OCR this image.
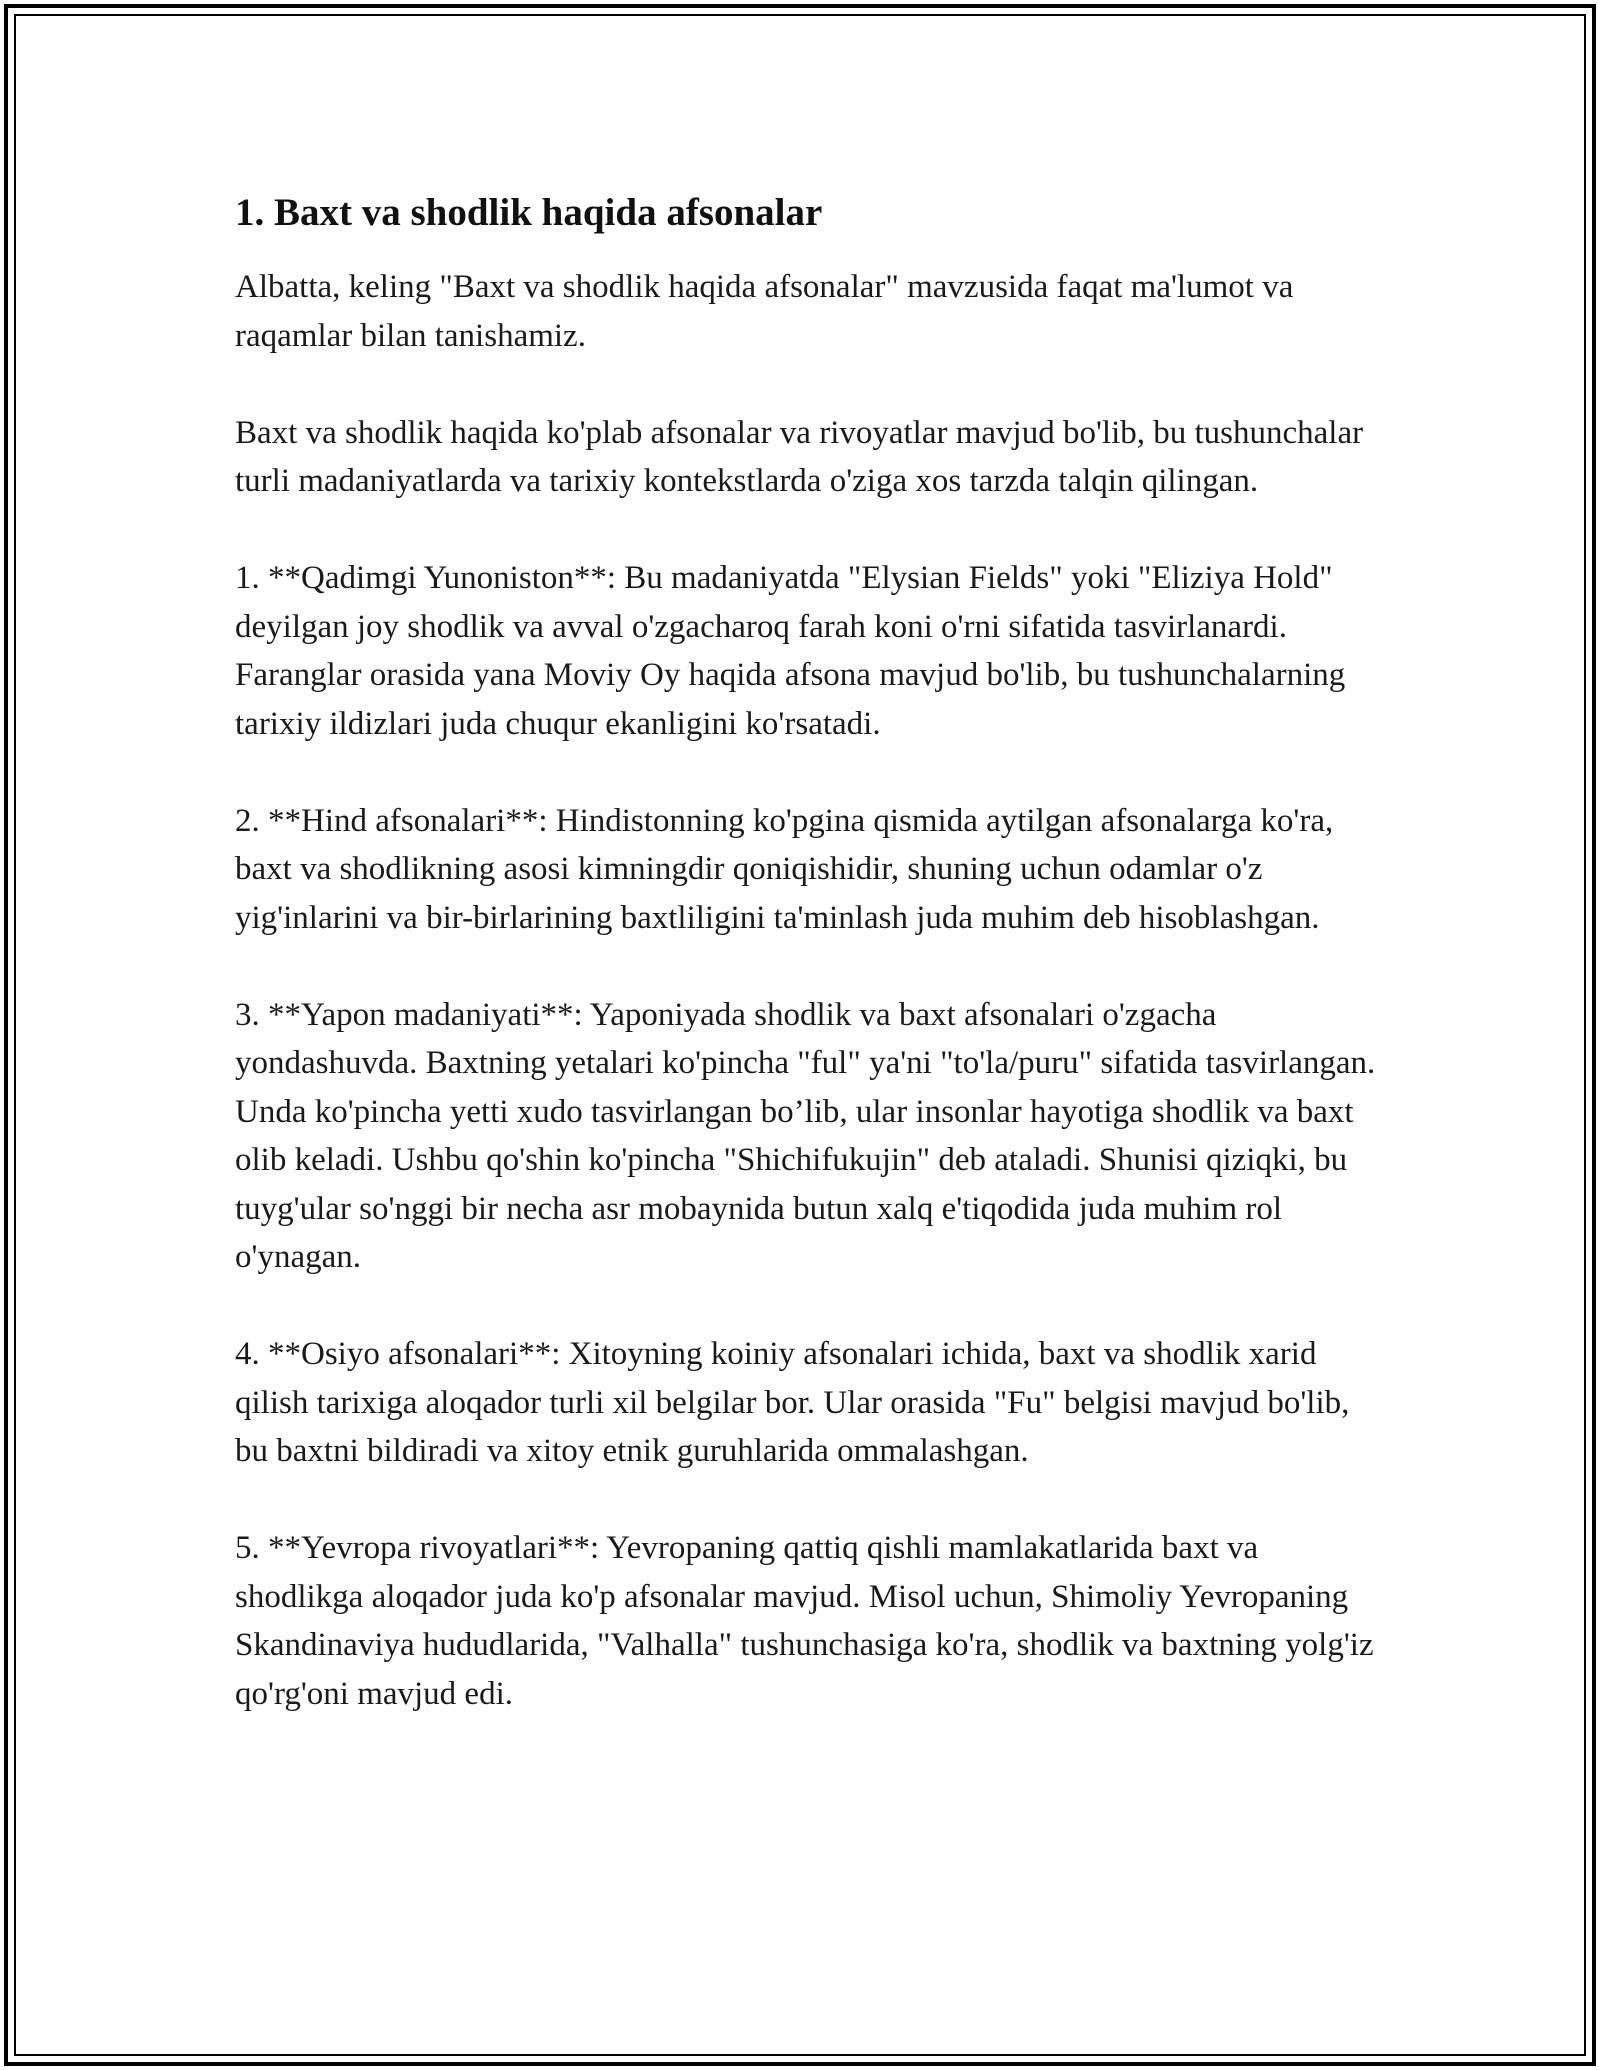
1. Baxt va shodlik haqida afsonalar

Albatta, keling "Baxt va shodlik haqida afsonalar" mavzusida faqat ma'lumot va raqamlar bilan tanishamiz.

Baxt va shodlik haqida ko'plab afsonalar va rivoyatlar mavjud bo'lib, bu tushunchalar turli madaniyatlarda va tarixiy kontekstlarda o'ziga xos tarzda talqin qilingan.

1. **Qadimgi Yunoniston**: Bu madaniyatda "Elysian Fields" yoki "Eliziya Hold" deyilgan joy shodlik va avval o'zgacharoq farah koni o'rni sifatida tasvirlanardi. Faranglar orasida yana Moviy Oy haqida afsona mavjud bo'lib, bu tushunchalarning tarixiy ildizlari juda chuqur ekanligini ko'rsatadi.

2. **Hind afsonalari**: Hindistonning ko'pgina qismida aytilgan afsonalarga ko'ra, baxt va shodlikning asosi kimningdir qoniqishidir, shuning uchun odamlar o'z yig'inlarini va bir-birlarining baxtliligini ta'minlash juda muhim deb hisoblashgan.

3. **Yapon madaniyati**: Yaponiyada shodlik va baxt afsonalari o'zgacha yondashuvda. Baxtning yetalari ko'pincha "ful" ya'ni "to'la/puru" sifatida tasvirlangan. Unda ko'pincha yetti xudo tasvirlangan bo’lib, ular insonlar hayotiga shodlik va baxt olib keladi. Ushbu qo'shin ko'pincha "Shichifukujin" deb ataladi. Shunisi qiziqki, bu tuyg'ular so'nggi bir necha asr mobaynida butun xalq e'tiqodida juda muhim rol o'ynagan.

4. **Osiyo afsonalari**: Xitoyning koiniy afsonalari ichida, baxt va shodlik xarid qilish tarixiga aloqador turli xil belgilar bor. Ular orasida "Fu" belgisi mavjud bo'lib, bu baxtni bildiradi va xitoy etnik guruhlarida ommalashgan.

5. **Yevropa rivoyatlari**: Yevropaning qattiq qishli mamlakatlarida baxt va shodlikga aloqador juda ko'p afsonalar mavjud. Misol uchun, Shimoliy Yevropaning Skandinaviya hududlarida, "Valhalla" tushunchasiga ko'ra, shodlik va baxtning yolg'iz qo'rg'oni mavjud edi.
